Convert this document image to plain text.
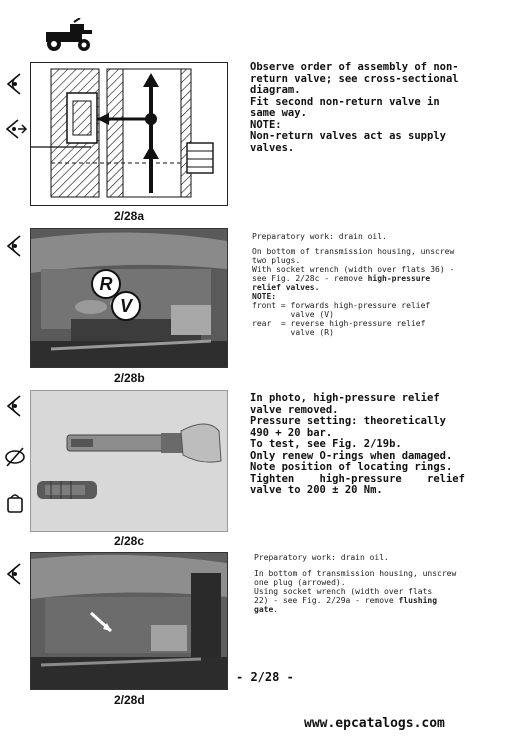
2/28a
Observe order of assembly of non-
return valve; see cross-sectional
diagram.
Fit second non-return valve in
same way.
NOTE:
Non-return valves act as supply
valves.
R
V
2/28b
Preparatory work: drain oil.
On bottom of transmission housing, unscrew
two plugs.
With socket wrench (width over flats 36) -
see Fig. 2/28c - remove high-pressure
relief valves.
NOTE:
front = forwards high-pressure relief
valve (V)
rear  = reverse high-pressure relief
valve (R)
2/28c
In photo, high-pressure relief
valve removed.
Pressure setting: theoretically
490 + 20 bar.
To test, see Fig. 2/19b.
Only renew O-rings when damaged.
Note position of locating rings.
Tighten    high-pressure    relief
valve to 200 ± 20 Nm.
2/28d
Preparatory work: drain oil.
In bottom of transmission housing, unscrew
one plug (arrowed).
Using socket wrench (width over flats
22) - see Fig. 2/29a - remove flushing
gate.
- 2/28 -
www.epcatalogs.com
